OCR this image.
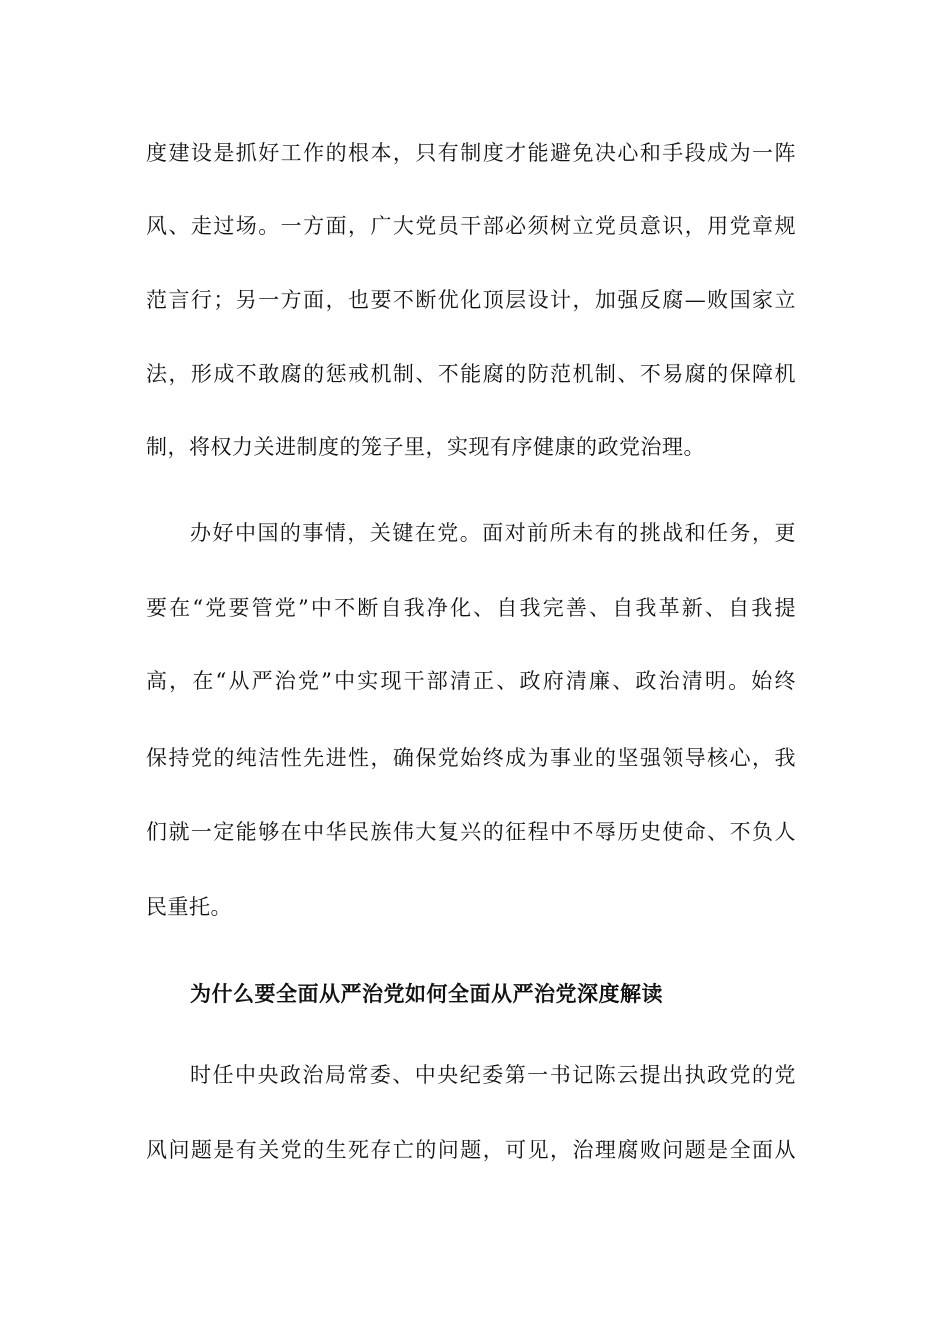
度建设是抓好工作的根本，只有制度才能避免决心和手段成为一阵
风、走过场。一方面，广大党员干部必须树立党员意识，用党章规
范言行；另一方面，也要不断优化顶层设计，加强反腐—败国家立
法，形成不敢腐的惩戒机制、不能腐的防范机制、不易腐的保障机
制，将权力关进制度的笼子里，实现有序健康的政党治理。
办好中国的事情，关键在党。面对前所未有的挑战和任务，更
要在“党要管党”中不断自我净化、自我完善、自我革新、自我提
高，在“从严治党”中实现干部清正、政府清廉、政治清明。始终
保持党的纯洁性先进性，确保党始终成为事业的坚强领导核心，我
们就一定能够在中华民族伟大复兴的征程中不辱历史使命、不负人
民重托。
为什么要全面从严治党如何全面从严治党深度解读
时任中央政治局常委、中央纪委第一书记陈云提出执政党的党
风问题是有关党的生死存亡的问题，可见，治理腐败问题是全面从
